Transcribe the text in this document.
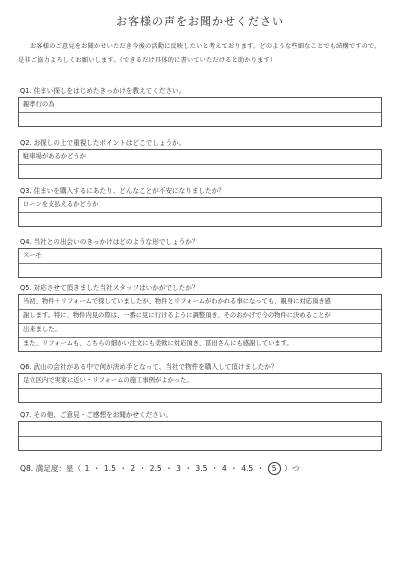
お客様の声をお聞かせください
お客様のご意見をお聞かせいただき今後の活動に反映したいと考えております。どのような些細なことでも結構ですので、是非ご協力よろしくお願いします。（できるだけ具体的に書いていただけると助かります）
Q1. 住まい探しをはじめたきっかけを教えてください。
親孝行の為
Q2. お探しの上で重視したポイントはどこでしょうか。
駐車場があるかどうか
Q3. 住まいを購入するにあたり、どんなことが不安になりましたか？
ローンを支払えるかどうか
Q4. 当社との出会いのきっかけはどのような形でしょうか？
スーモ
Q5. 対応させて頂きました当社スタッフはいかがでしたか？
当初、物件＋リフォームで探していましたが、物件とリフォームがわかれる事になっても、親身に対応頂き感
謝します。特に、物件内見の際は、一番に見に行けるように調整頂き、そのおかげで今の物件に決めることが
出来ました。
また、リフォームも、こちらの細かい注文にも柔軟に対応頂き、冨田さんにも感謝しています。
Q6. 武山の会社がある中で何が決め手となって、当社で物件を購入して頂けましたか？
足立区内で実家に近い・リフォームの施工事例がよかった。
Q7. その他、ご意見・ご感想をお聞かせください。
Q8. 満足度：星（ 1 ・ 1.5 ・ 2 ・ 2.5 ・ 3 ・ 3.5 ・ 4 ・ 4.5 ・ 5 ）つ
